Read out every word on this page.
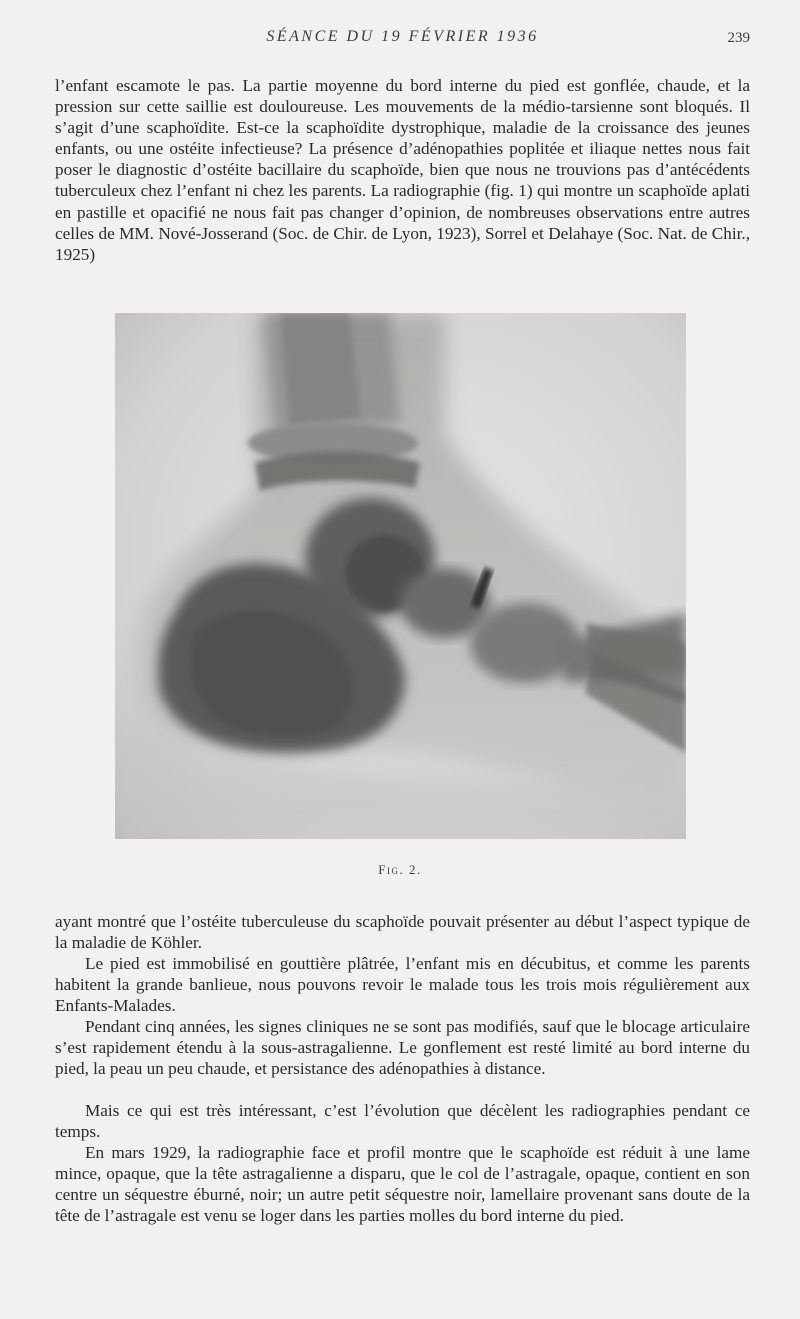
SÉANCE DU 19 FÉVRIER 1936	239

l’enfant escamote le pas. La partie moyenne du bord interne du pied est gonflée, chaude, et la pression sur cette saillie est douloureuse. Les mouvements de la médio-tarsienne sont bloqués. Il s’agit d’une scaphoïdite. Est-ce la scaphoïdite dystrophique, maladie de la croissance des jeunes enfants, ou une ostéite infectieuse? La présence d’adénopathies poplitée et iliaque nettes nous fait poser le diagnostic d’ostéite bacillaire du scaphoïde, bien que nous ne trouvions pas d’antécédents tuberculeux chez l’enfant ni chez les parents. La radiographie (fig. 1) qui montre un scaphoïde aplati en pastille et opacifié ne nous fait pas changer d’opinion, de nombreuses observations entre autres celles de MM. Nové-Josserand (Soc. de Chir. de Lyon, 1923), Sorrel et Delahaye (Soc. Nat. de Chir., 1925)

Fig. 2.

ayant montré que l’ostéite tuberculeuse du scaphoïde pouvait présenter au début l’aspect typique de la maladie de Köhler.

Le pied est immobilisé en gouttière plâtrée, l’enfant mis en décubitus, et comme les parents habitent la grande banlieue, nous pouvons revoir le malade tous les trois mois régulièrement aux Enfants-Malades.

Pendant cinq années, les signes cliniques ne se sont pas modifiés, sauf que le blocage articulaire s’est rapidement étendu à la sous-astragalienne. Le gonflement est resté limité au bord interne du pied, la peau un peu chaude, et persistance des adénopathies à distance.

Mais ce qui est très intéressant, c’est l’évolution que décèlent les radiographies pendant ce temps.

En mars 1929, la radiographie face et profil montre que le scaphoïde est réduit à une lame mince, opaque, que la tête astragalienne a disparu, que le col de l’astragale, opaque, contient en son centre un séquestre éburné, noir; un autre petit séquestre noir, lamellaire provenant sans doute de la tête de l’astragale est venu se loger dans les parties molles du bord interne du pied.
